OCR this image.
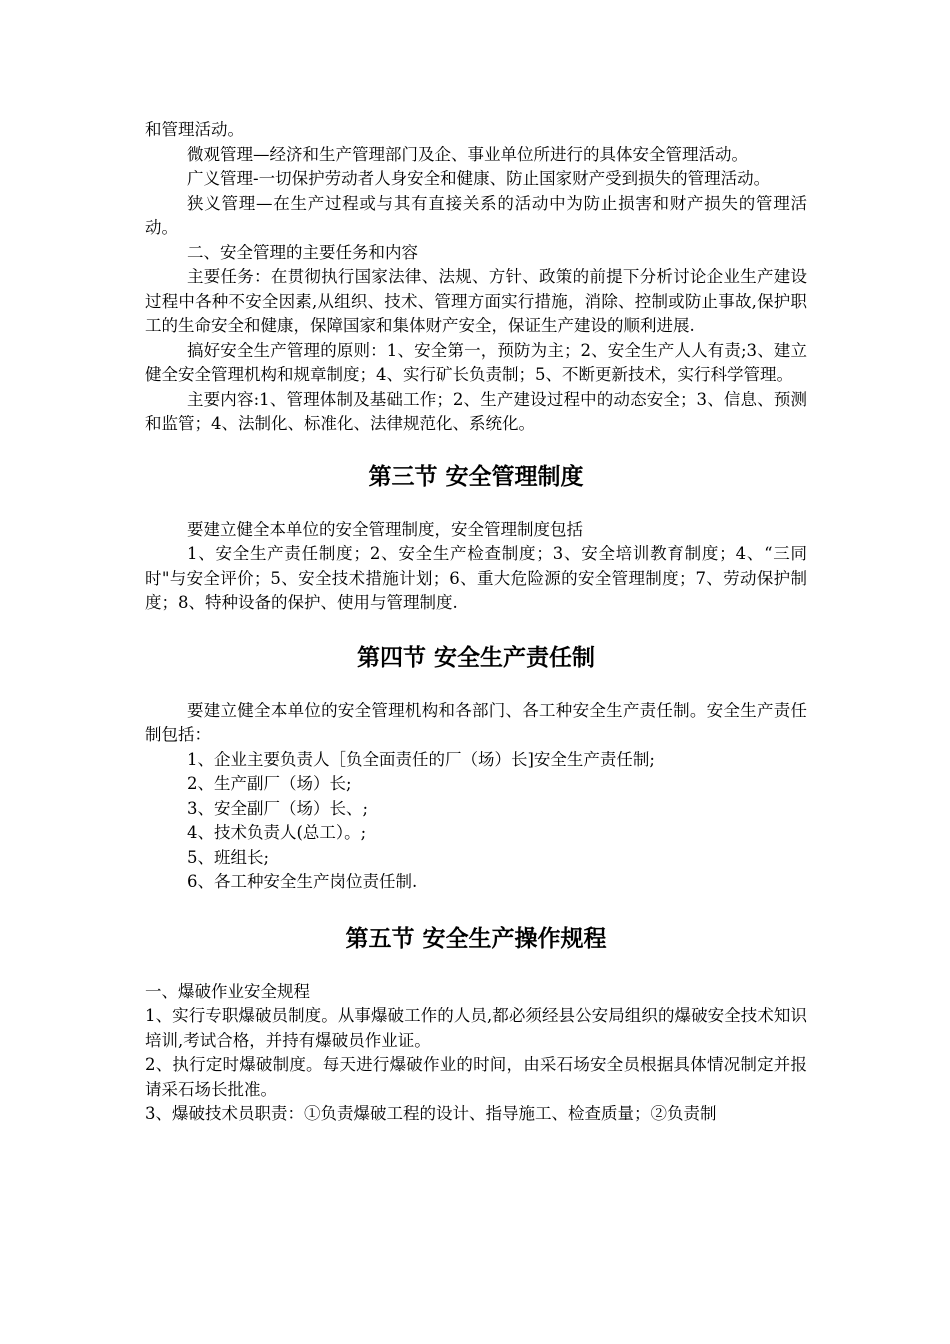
和管理活动。

微观管理—经济和生产管理部门及企、事业单位所进行的具体安全管理活动。

广义管理-一切保护劳动者人身安全和健康、防止国家财产受到损失的管理活动。

狭义管理—在生产过程或与其有直接关系的活动中为防止损害和财产损失的管理活动。

二、安全管理的主要任务和内容

主要任务：在贯彻执行国家法律、法规、方针、政策的前提下分析讨论企业生产建设过程中各种不安全因素,从组织、技术、管理方面实行措施，消除、控制或防止事故,保护职工的生命安全和健康，保障国家和集体财产安全，保证生产建设的顺利进展.

搞好安全生产管理的原则：1、安全第一，预防为主；2、安全生产人人有责;3、建立健全安全管理机构和规章制度；4、实行矿长负责制；5、不断更新技术，实行科学管理。

主要内容:1、管理体制及基础工作；2、生产建设过程中的动态安全；3、信息、预测和监管；4、法制化、标准化、法律规范化、系统化。

第三节 安全管理制度

要建立健全本单位的安全管理制度，安全管理制度包括

1、安全生产责任制度；2、安全生产检查制度；3、安全培训教育制度；4、“三同时"与安全评价；5、安全技术措施计划；6、重大危险源的安全管理制度；7、劳动保护制度；8、特种设备的保护、使用与管理制度.

第四节 安全生产责任制

要建立健全本单位的安全管理机构和各部门、各工种安全生产责任制。安全生产责任制包括：

1、企业主要负责人［负全面责任的厂（场）长]安全生产责任制;

2、生产副厂（场）长;

3、安全副厂（场）长、;

4、技术负责人(总工）。;

5、班组长;

6、各工种安全生产岗位责任制.

第五节 安全生产操作规程

一、爆破作业安全规程

1、实行专职爆破员制度。从事爆破工作的人员,都必须经县公安局组织的爆破安全技术知识培训,考试合格，并持有爆破员作业证。

2、执行定时爆破制度。每天进行爆破作业的时间，由采石场安全员根据具体情况制定并报请采石场长批准。

3、爆破技术员职责：①负责爆破工程的设计、指导施工、检查质量；②负责制
